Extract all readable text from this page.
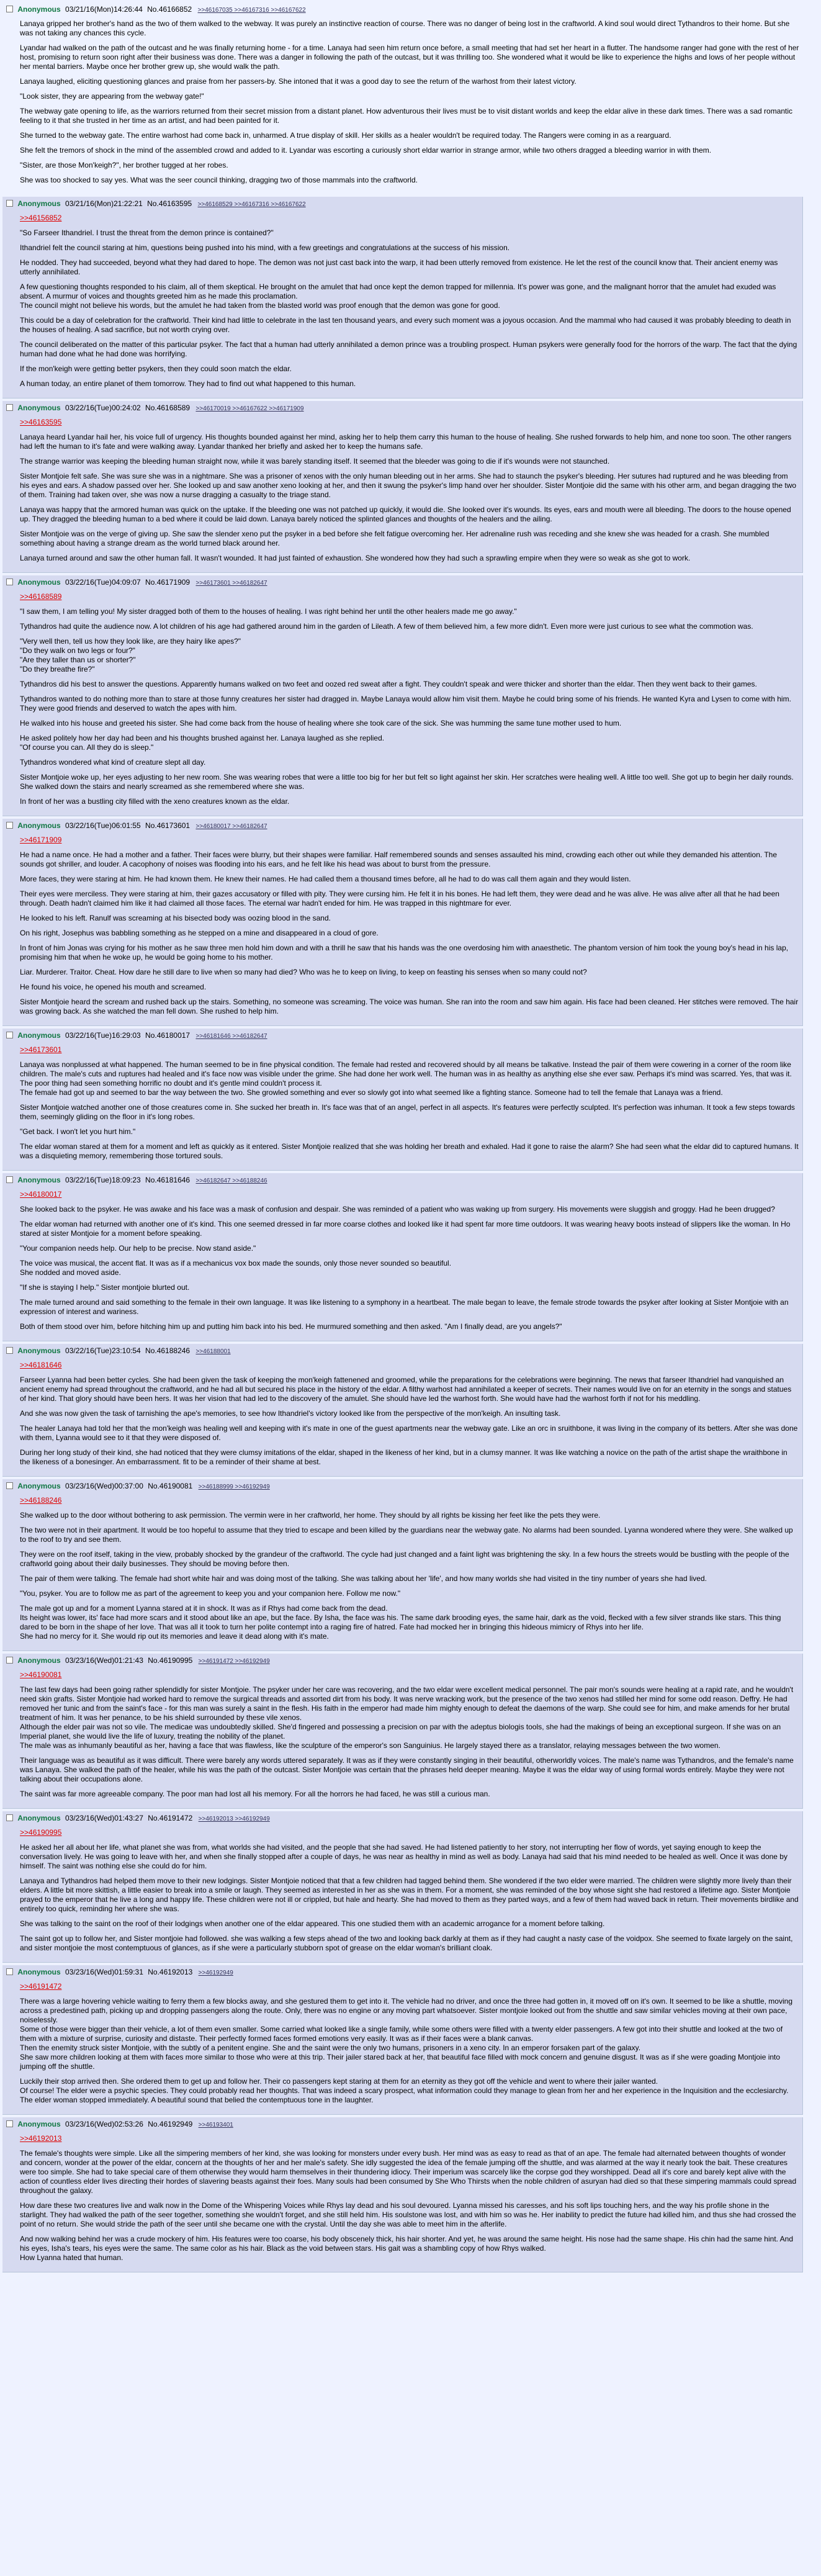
Anonymous 03/21/16(Mon)14:26:44 No.46166852 >>46167035 >>46167316 >>46167622

Lanaya gripped her brother's hand as the two of them walked to the webway. It was purely an instinctive reaction of course. There was no danger of being lost in the craftworld. A kind soul would direct Tythandros to their home. But she was not taking any chances this cycle.

Lyandar had walked on the path of the outcast and he was finally returning home - for a time. Lanaya had seen him return once before, a small meeting that had set her heart in a flutter. The handsome ranger had gone with the rest of her host, promising to return soon right after their business was done. There was a danger in following the path of the outcast, but it was thrilling too. She wondered what it would be like to experience the highs and lows of her people without her mental barriers. Maybe once her brother grew up, she would walk the path.

Lanaya laughed, eliciting questioning glances and praise from her passers-by. She intoned that it was a good day to see the return of the warhost from their latest victory.

"Look sister, they are appearing from the webway gate!"

The webway gate opening to life, as the warriors returned from their secret mission from a distant planet. How adventurous their lives must be to visit distant worlds and keep the eldar alive in these dark times. There was a sad romantic feeling to it that she trusted in her time as an artist, and had been painted for it.

She turned to the webway gate. The entire warhost had come back in, unharmed. A true display of skill. Her skills as a healer wouldn't be required today. The Rangers were coming in as a rearguard.

She felt the tremors of shock in the mind of the assembled crowd and added to it. Lyandar was escorting a curiously short eldar warrior in strange armor, while two others dragged a bleeding warrior in with them.

"Sister, are those Mon'keigh?", her brother tugged at her robes.

She was too shocked to say yes. What was the seer council thinking, dragging two of those mammals into the craftworld.

Anonymous 03/21/16(Mon)21:22:21 No.46163595 >>46168529 >>46167316 >>46167622
>>46156852

"So Farseer Ithandriel. I trust the threat from the demon prince is contained?"

Ithandriel felt the council staring at him, questions being pushed into his mind, with a few greetings and congratulations at the success of his mission.

He nodded. They had succeeded, beyond what they had dared to hope. The demon was not just cast back into the warp, it had been utterly removed from existence. He let the rest of the council know that. Their ancient enemy was utterly annihilated.

A few questioning thoughts responded to his claim, all of them skeptical. He brought on the amulet that had once kept the demon trapped for millennia. It's power was gone, and the malignant horror that the amulet had exuded was absent. A murmur of voices and thoughts greeted him as he made this proclamation.
The council might not believe his words, but the amulet he had taken from the blasted world was proof enough that the demon was gone for good.

This could be a day of celebration for the craftworld. Their kind had little to celebrate in the last ten thousand years, and every such moment was a joyous occasion. And the mammal who had caused it was probably bleeding to death in the houses of healing. A sad sacrifice, but not worth crying over.

The council deliberated on the matter of this particular psyker. The fact that a human had utterly annihilated a demon prince was a troubling prospect. Human psykers were generally food for the horrors of the warp. The fact that the dying human had done what he had done was horrifying.

If the mon'keigh were getting better psykers, then they could soon match the eldar.

A human today, an entire planet of them tomorrow. They had to find out what happened to this human.

Anonymous 03/22/16(Tue)00:24:02 No.46168589 >>46170019 >>46167622 >>46171909
>>46163595

Lanaya heard Lyandar hail her, his voice full of urgency. His thoughts bounded against her mind, asking her to help them carry this human to the house of healing. She rushed forwards to help him, and none too soon. The other rangers had left the human to it's fate and were walking away. Lyandar thanked her briefly and asked her to keep the humans safe.

The strange warrior was keeping the bleeding human straight now, while it was barely standing itself. It seemed that the bleeder was going to die if it's wounds were not staunched.

Sister Montjoie felt safe. She was sure she was in a nightmare. She was a prisoner of xenos with the only human bleeding out in her arms. She had to staunch the psyker's bleeding. Her sutures had ruptured and he was bleeding from his eyes and ears. A shadow passed over her. She looked up and saw another xeno looking at her, and then it swung the psyker's limp hand over her shoulder. Sister Montjoie did the same with his other arm, and began dragging the two of them. Training had taken over, she was now a nurse dragging a casualty to the triage stand.

Lanaya was happy that the armored human was quick on the uptake. If the bleeding one was not patched up quickly, it would die. She looked over it's wounds. Its eyes, ears and mouth were all bleeding. The doors to the house opened up. They dragged the bleeding human to a bed where it could be laid down. Lanaya barely noticed the splinted glances and thoughts of the healers and the ailing.

Sister Montjoie was on the verge of giving up. She saw the slender xeno put the psyker in a bed before she felt fatigue overcoming her. Her adrenaline rush was receding and she knew she was headed for a crash. She mumbled something about having a strange dream as the world turned black around her.

Lanaya turned around and saw the other human fall. It wasn't wounded. It had just fainted of exhaustion. She wondered how they had such a sprawling empire when they were so weak as she got to work.

Anonymous 03/22/16(Tue)04:09:07 No.46171909 >>46173601 >>46182647
>>46168589

"I saw them, I am telling you! My sister dragged both of them to the houses of healing. I was right behind her until the other healers made me go away."

Tythandros had quite the audience now. A lot children of his age had gathered around him in the garden of Lileath. A few of them believed him, a few more didn't. Even more were just curious to see what the commotion was.

"Very well then, tell us how they look like, are they hairy like apes?"
"Do they walk on two legs or four?"
"Are they taller than us or shorter?"
"Do they breathe fire?"

Tythandros did his best to answer the questions. Apparently humans walked on two feet and oozed red sweat after a fight. They couldn't speak and were thicker and shorter than the eldar. Then they went back to their games.

Tythandros wanted to do nothing more than to stare at those funny creatures her sister had dragged in. Maybe Lanaya would allow him visit them. Maybe he could bring some of his friends. He wanted Kyra and Lysen to come with him. They were good friends and deserved to watch the apes with him.

He walked into his house and greeted his sister. She had come back from the house of healing where she took care of the sick. She was humming the same tune mother used to hum.

He asked politely how her day had been and his thoughts brushed against her. Lanaya laughed as she replied.
"Of course you can. All they do is sleep."

Tythandros wondered what kind of creature slept all day.

Sister Montjoie woke up, her eyes adjusting to her new room. She was wearing robes that were a little too big for her but felt so light against her skin. Her scratches were healing well. A little too well. She got up to begin her daily rounds. She walked down the stairs and nearly screamed as she remembered where she was.

In front of her was a bustling city filled with the xeno creatures known as the eldar.

Anonymous 03/22/16(Tue)06:01:55 No.46173601 >>46180017 >>46182647
>>46171909

He had a name once. He had a mother and a father. Their faces were blurry, but their shapes were familiar. Half remembered sounds and senses assaulted his mind, crowding each other out while they demanded his attention. The sounds got shriller, and louder. A cacophony of noises was flooding into his ears, and he felt like his head was about to burst from the pressure.

More faces, they were staring at him. He had known them. He knew their names. He had called them a thousand times before, all he had to do was call them again and they would listen.

Their eyes were merciless. They were staring at him, their gazes accusatory or filled with pity. They were cursing him. He felt it in his bones. He had left them, they were dead and he was alive. He was alive after all that he had been through. Death hadn't claimed him like it had claimed all those faces. The eternal war hadn't ended for him. He was trapped in this nightmare for ever.

He looked to his left. Ranulf was screaming at his bisected body was oozing blood in the sand.

On his right, Josephus was babbling something as he stepped on a mine and disappeared in a cloud of gore.

In front of him Jonas was crying for his mother as he saw three men hold him down and with a thrill he saw that his hands was the one overdosing him with anaesthetic. The phantom version of him took the young boy's head in his lap, promising him that when he woke up, he would be going home to his mother.

Liar. Murderer. Traitor. Cheat. How dare he still dare to live when so many had died? Who was he to keep on living, to keep on feasting his senses when so many could not?

He found his voice, he opened his mouth and screamed.

Sister Montjoie heard the scream and rushed back up the stairs. Something, no someone was screaming. The voice was human. She ran into the room and saw him again. His face had been cleaned. Her stitches were removed. The hair was growing back. As she watched the man fell down. She rushed to help him.

Anonymous 03/22/16(Tue)16:29:03 No.46180017 >>46181646 >>46182647
>>46173601

Lanaya was nonplussed at what happened. The human seemed to be in fine physical condition. The female had rested and recovered should by all means be talkative. Instead the pair of them were cowering in a corner of the room like children. The male's cuts and ruptures had healed and it's face now was visible under the grime. She had done her work well. The human was in as healthy as anything else she ever saw. Perhaps it's mind was scarred. Yes, that was it. The poor thing had seen something horrific no doubt and it's gentle mind couldn't process it.
The female had got up and seemed to bar the way between the two. She growled something and ever so slowly got into what seemed like a fighting stance. Someone had to tell the female that Lanaya was a friend.

Sister Montjoie watched another one of those creatures come in. She sucked her breath in. It's face was that of an angel, perfect in all aspects. It's features were perfectly sculpted. It's perfection was inhuman. It took a few steps towards them, seemingly gliding on the floor in it's long robes.

"Get back. I won't let you hurt him."

The eldar woman stared at them for a moment and left as quickly as it entered. Sister Montjoie realized that she was holding her breath and exhaled. Had it gone to raise the alarm? She had seen what the eldar did to captured humans. It was a disquieting memory, remembering those tortured souls.

Anonymous 03/22/16(Tue)18:09:23 No.46181646 >>46182647 >>46188246
>>46180017

She looked back to the psyker. He was awake and his face was a mask of confusion and despair. She was reminded of a patient who was waking up from surgery. His movements were sluggish and groggy. Had he been drugged?

The eldar woman had returned with another one of it's kind. This one seemed dressed in far more coarse clothes and looked like it had spent far more time outdoors. It was wearing heavy boots instead of slippers like the woman. In Ho stared at sister Montjoie for a moment before speaking.

"Your companion needs help. Our help to be precise. Now stand aside."

The voice was musical, the accent flat. It was as if a mechanicus vox box made the sounds, only those never sounded so beautiful.
She nodded and moved aside.

"If she is staying I help." Sister montjoie blurted out.

The male turned around and said something to the female in their own language. It was like listening to a symphony in a heartbeat. The male began to leave, the female strode towards the psyker after looking at Sister Montjoie with an expression of interest and wariness.

Both of them stood over him, before hitching him up and putting him back into his bed. He murmured something and then asked. "Am I finally dead, are you angels?"

Anonymous 03/22/16(Tue)23:10:54 No.46188246 >>46188001
>>46181646

Farseer Lyanna had been better cycles. She had been given the task of keeping the mon'keigh fattenened and groomed, while the preparations for the celebrations were beginning. The news that farseer Ithandriel had vanquished an ancient enemy had spread throughout the craftworld, and he had all but secured his place in the history of the eldar. A filthy warhost had annihilated a keeper of secrets. Their names would live on for an eternity in the songs and statues of her kind. That glory should have been hers. It was her vision that had led to the discovery of the amulet. She should have led the warhost forth. She would have had the warhost forth if not for his meddling.

And she was now given the task of tarnishing the ape's memories, to see how Ithandriel's victory looked like from the perspective of the mon'keigh. An insulting task.

The healer Lanaya had told her that the mon'keigh was healing well and keeping with it's mate in one of the guest apartments near the webway gate. Like an orc in sruithbone, it was living in the company of its betters. After she was done with them, Lyanna would see to it that they were disposed of.

During her long study of their kind, she had noticed that they were clumsy imitations of the eldar, shaped in the likeness of her kind, but in a clumsy manner. It was like watching a novice on the path of the artist shape the wraithbone in the likeness of a bonesinger. An embarrassment. fit to be a reminder of their shame at best.

Anonymous 03/23/16(Wed)00:37:00 No.46190081 >>46188999 >>46192949
>>46188246

She walked up to the door without bothering to ask permission. The vermin were in her craftworld, her home. They should by all rights be kissing her feet like the pets they were.

The two were not in their apartment. It would be too hopeful to assume that they tried to escape and been killed by the guardians near the webway gate. No alarms had been sounded. Lyanna wondered where they were. She walked up to the roof to try and see them.

They were on the roof itself, taking in the view, probably shocked by the grandeur of the craftworld. The cycle had just changed and a faint light was brightening the sky. In a few hours the streets would be bustling with the people of the craftworld going about their daily businesses. They should be moving before then.

The pair of them were talking. The female had short white hair and was doing most of the talking. She was talking about her 'life', and how many worlds she had visited in the tiny number of years she had lived.

"You, psyker. You are to follow me as part of the agreement to keep you and your companion here. Follow me now."

The male got up and for a moment Lyanna stared at it in shock. It was as if Rhys had come back from the dead.
Its height was lower, its' face had more scars and it stood about like an ape, but the face. By Isha, the face was his. The same dark brooding eyes, the same hair, dark as the void, flecked with a few silver strands like stars. This thing dared to be born in the shape of her love. That was all it took to turn her polite contempt into a raging fire of hatred. Fate had mocked her in bringing this hideous mimicry of Rhys into her life.
She had no mercy for it. She would rip out its memories and leave it dead along with it's mate.

Anonymous 03/23/16(Wed)01:21:43 No.46190995 >>46191472 >>46192949
>>46190081

The last few days had been going rather splendidly for sister Montjoie. The psyker under her care was recovering, and the two eldar were excellent medical personnel. The pair mon's sounds were healing at a rapid rate, and he wouldn't need skin grafts. Sister Montjoie had worked hard to remove the surgical threads and assorted dirt from his body. It was nerve wracking work, but the presence of the two xenos had stilled her mind for some odd reason. Deffry. He had removed her tunic and from the saint's face - for this man was surely a saint in the flesh. His faith in the emperor had made him mighty enough to defeat the daemons of the warp. She could see for him, and make amends for her brutal treatment of him. It was her penance, to be his shield surrounded by these vile xenos.
Although the elder pair was not so vile. The medicae was undoubtedly skilled. She'd fingered and possessing a precision on par with the adeptus biologis tools, she had the makings of being an exceptional surgeon. If she was on an Imperial planet, she would live the life of luxury, treating the nobility of the planet.
The male was as inhumanly beautiful as her, having a face that was flawless, like the sculpture of the emperor's son Sanguinius. He largely stayed there as a translator, relaying messages between the two women.

Their language was as beautiful as it was difficult. There were barely any words uttered separately. It was as if they were constantly singing in their beautiful, otherworldly voices. The male's name was Tythandros, and the female's name was Lanaya. She walked the path of the healer, while his was the path of the outcast. Sister Montjoie was certain that the phrases held deeper meaning. Maybe it was the eldar way of using formal words entirely. Maybe they were not talking about their occupations alone.

The saint was far more agreeable company. The poor man had lost all his memory. For all the horrors he had faced, he was still a curious man.

Anonymous 03/23/16(Wed)01:43:27 No.46191472 >>46192013 >>46192949
>>46190995

He asked her all about her life, what planet she was from, what worlds she had visited, and the people that she had saved. He had listened patiently to her story, not interrupting her flow of words, yet saying enough to keep the conversation lively. He was going to leave with her, and when she finally stopped after a couple of days, he was near as healthy in mind as well as body. Lanaya had said that his mind needed to be healed as well. Once it was done by himself. The saint was nothing else she could do for him.

Lanaya and Tythandros had helped them move to their new lodgings. Sister Montjoie noticed that that a few children had tagged behind them. She wondered if the two elder were married. The children were slightly more lively than their elders. A little bit more skittish, a little easier to break into a smile or laugh. They seemed as interested in her as she was in them. For a moment, she was reminded of the boy whose sight she had restored a lifetime ago. Sister Montjoie prayed to the emperor that he live a long and happy life. These children were not ill or crippled, but hale and hearty. She had moved to them as they parted ways, and a few of them had waved back in return. Their movements birdlike and entirely too quick, reminding her where she was.

She was talking to the saint on the roof of their lodgings when another one of the eldar appeared. This one studied them with an academic arrogance for a moment before talking.

The saint got up to follow her, and Sister montjoie had followed. she was walking a few steps ahead of the two and looking back darkly at them as if they had caught a nasty case of the voidpox. She seemed to fixate largely on the saint, and sister montjoie the most contemptuous of glances, as if she were a particularly stubborn spot of grease on the eldar woman's brilliant cloak.

Anonymous 03/23/16(Wed)01:59:31 No.46192013 >>46192949
>>46191472

There was a large hovering vehicle waiting to ferry them a few blocks away, and she gestured them to get into it. The vehicle had no driver, and once the three had gotten in, it moved off on it's own. It seemed to be like a shuttle, moving across a predestined path, picking up and dropping passengers along the route. Only, there was no engine or any moving part whatsoever. Sister montjoie looked out from the shuttle and saw similar vehicles moving at their own pace, noiselessly.
Some of those were bigger than their vehicle, a lot of them even smaller. Some carried what looked like a single family, while some others were filled with a twenty elder passengers. A few got into their shuttle and looked at the two of them with a mixture of surprise, curiosity and distaste. Their perfectly formed faces formed emotions very easily. It was as if their faces were a blank canvas.
Then the enemity struck sister Montjoie, with the subtly of a penitent engine. She and the saint were the only two humans, prisoners in a xeno city. In an emperor forsaken part of the galaxy.
She saw more children looking at them with faces more similar to those who were at this trip. Their jailer stared back at her, that beautiful face filled with mock concern and genuine disgust. It was as if she were goading Montjoie into jumping off the shuttle.

Luckily their stop arrived then. She ordered them to get up and follow her. Their co passengers kept staring at them for an eternity as they got off the vehicle and went to where their jailer wanted.
Of course! The elder were a psychic species. They could probably read her thoughts. That was indeed a scary prospect, what information could they manage to glean from her and her experience in the Inquisition and the ecclesiarchy. The elder woman stopped immediately. A beautiful sound that belied the contemptuous tone in the laughter.

Anonymous 03/23/16(Wed)02:53:26 No.46192949 >>46193401
>>46192013

The female's thoughts were simple. Like all the simpering members of her kind, she was looking for monsters under every bush. Her mind was as easy to read as that of an ape. The female had alternated between thoughts of wonder and concern, wonder at the power of the eldar, concern at the thoughts of her and her male's safety. She idly suggested the idea of the female jumping off the shuttle, and was alarmed at the way it nearly took the bait. These creatures were too simple. She had to take special care of them otherwise they would harm themselves in their thundering idiocy. Their imperium was scarcely like the corpse god they worshipped. Dead all it's core and barely kept alive with the action of countless elder lives directing their hordes of slavering beasts against their foes. Many souls had been consumed by She Who Thirsts when the noble children of asuryan had died so that these simpering mammals could spread throughout the galaxy.

How dare these two creatures live and walk now in the Dome of the Whispering Voices while Rhys lay dead and his soul devoured. Lyanna missed his caresses, and his soft lips touching hers, and the way his profile shone in the starlight. They had walked the path of the seer together, something she wouldn't forget, and she still held him. His soulstone was lost, and with him so was he. Her inability to predict the future had killed him, and thus she had crossed the point of no return. She would stride the path of the seer until she became one with the crystal. Until the day she was able to meet him in the afterlife.

And now walking behind her was a crude mockery of him. His features were too coarse, his body obscenely thick, his hair shorter. And yet, he was around the same height. His nose had the same shape. His chin had the same hint. And his eyes, Isha's tears, his eyes were the same. The same color as his hair. Black as the void between stars. His gait was a shambling copy of how Rhys walked.
How Lyanna hated that human.
